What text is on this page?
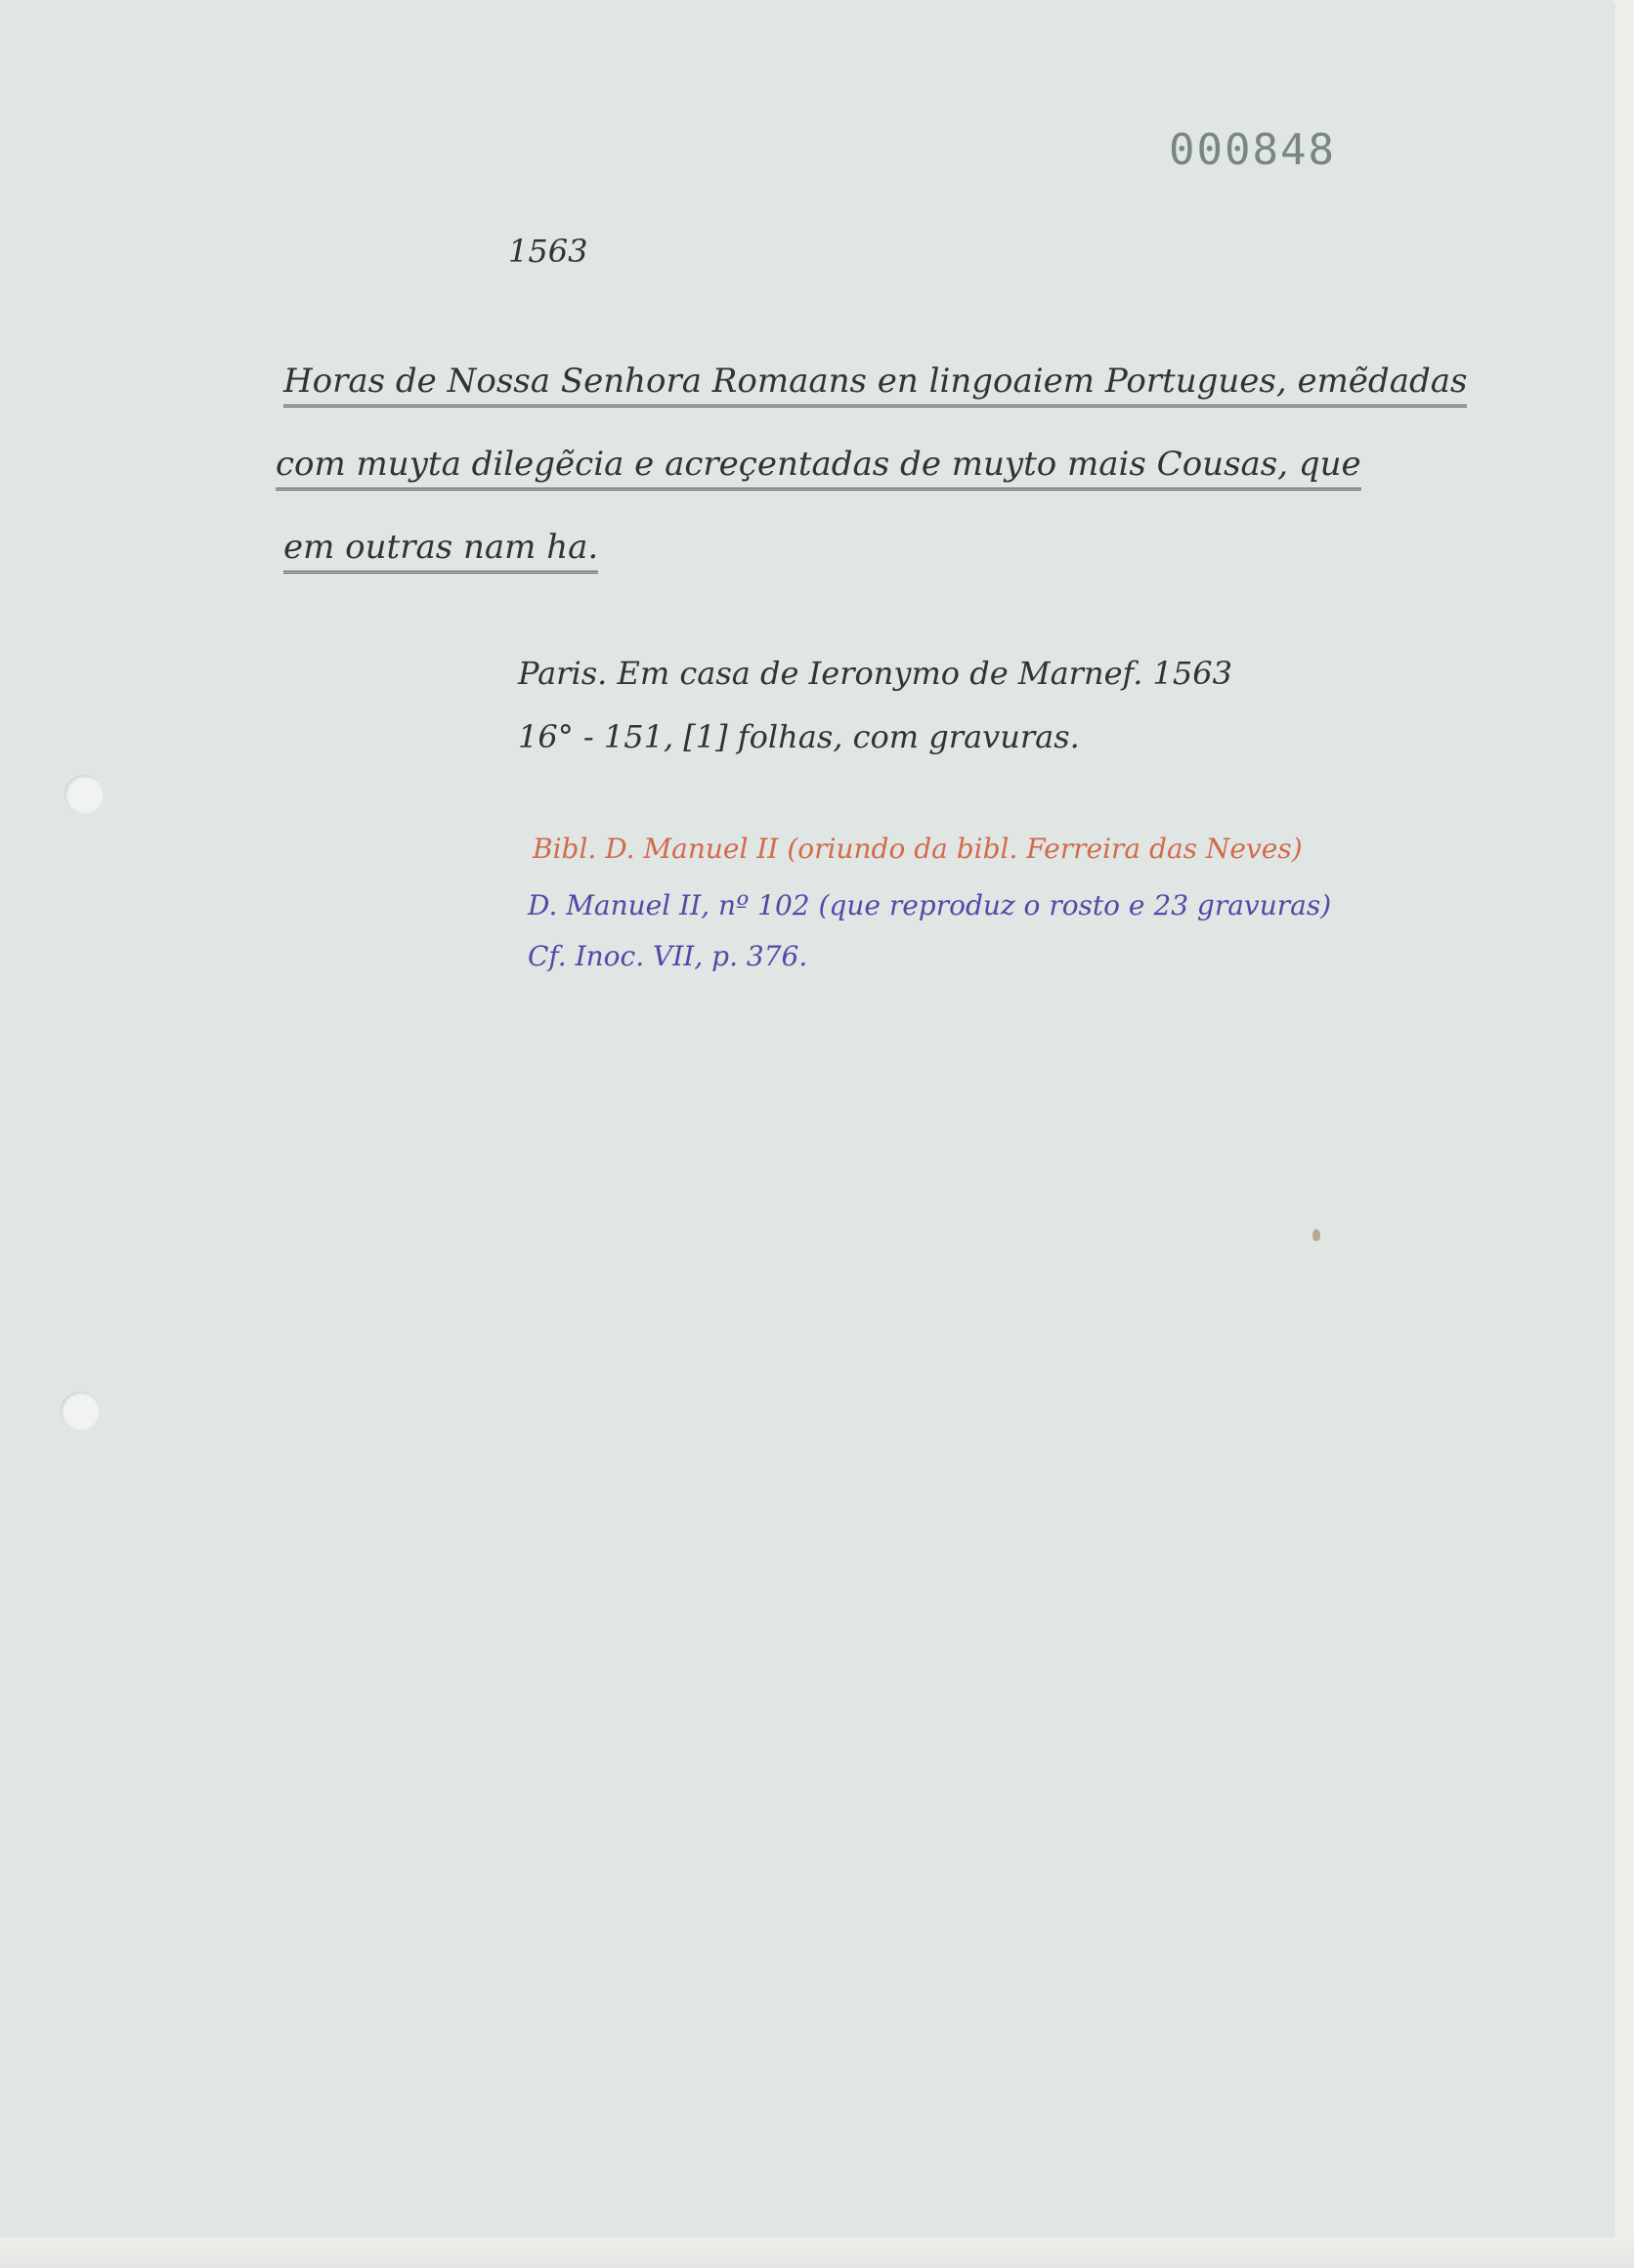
000848
1563
Horas de Nossa Senhora Romaans en lingoaiem Portugues, emẽdadas
com muyta dilegẽcia e acreçentadas de muyto mais Cousas, que
em outras nam ha.
Paris. Em casa de Ieronymo de Marnef. 1563
16° - 151, [1] folhas, com gravuras.
Bibl. D. Manuel II (oriundo da bibl. Ferreira das Neves)
D. Manuel II, nº 102 (que reproduz o rosto e 23 gravuras)
Cf. Inoc. VII, p. 376.
